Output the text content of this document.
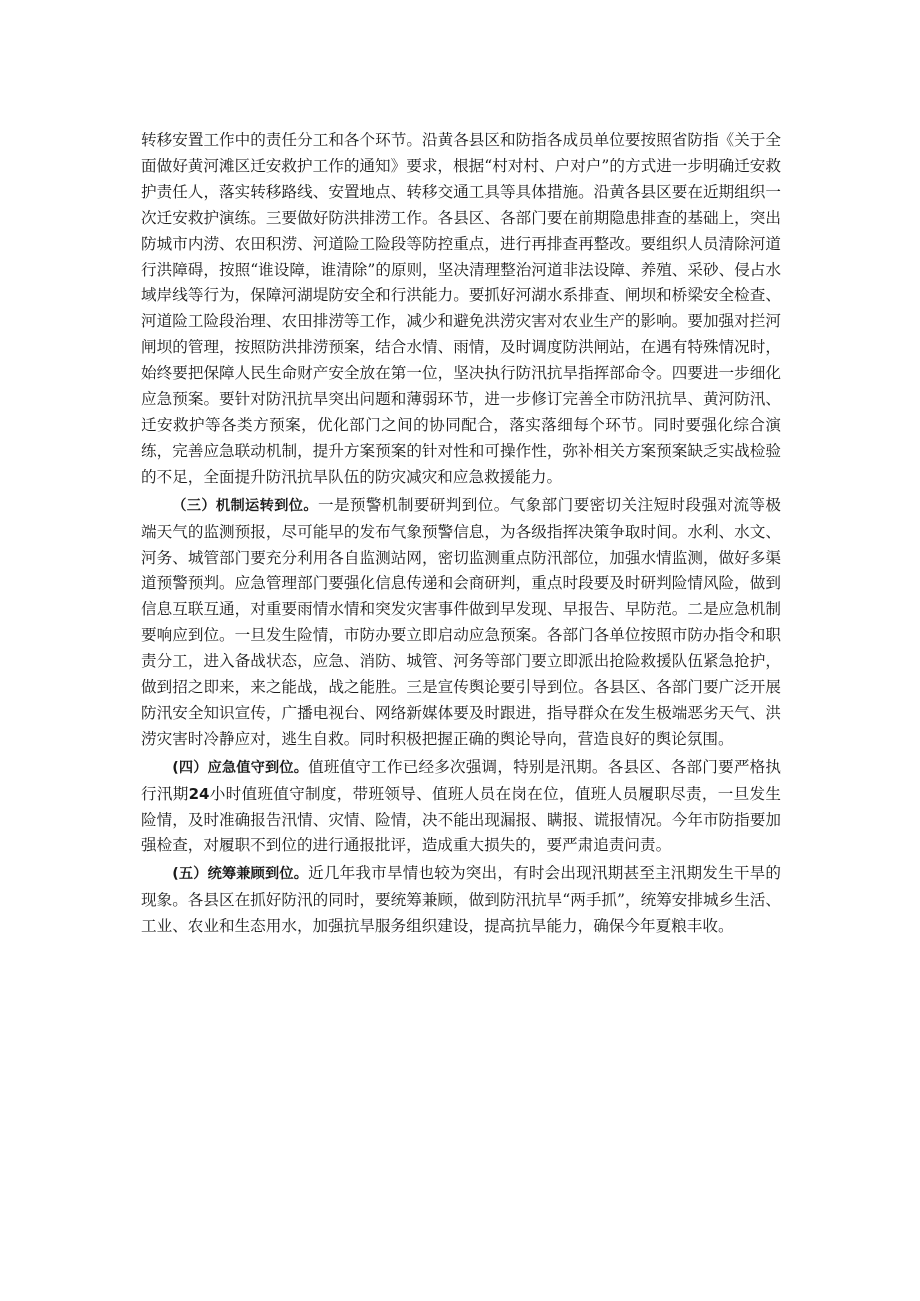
转移安置工作中的责任分工和各个环节。沿黄各县区和防指各成员单位要按照省防指《关于全面做好黄河滩区迁安救护工作的通知》要求，根据“村对村、户对户”的方式进一步明确迁安救护责任人，落实转移路线、安置地点、转移交通工具等具体措施。沿黄各县区要在近期组织一次迁安救护演练。三要做好防洪排涝工作。各县区、各部门要在前期隐患排查的基础上，突出防城市内涝、农田积涝、河道险工险段等防控重点，进行再排查再整改。要组织人员清除河道行洪障碍，按照“谁设障，谁清除”的原则，坚决清理整治河道非法设障、养殖、采砂、侵占水域岸线等行为，保障河湖堤防安全和行洪能力。要抓好河湖水系排查、闸坝和桥梁安全检查、河道险工险段治理、农田排涝等工作，减少和避免洪涝灾害对农业生产的影响。要加强对拦河闸坝的管理，按照防洪排涝预案，结合水情、雨情，及时调度防洪闸站，在遇有特殊情况时，始终要把保障人民生命财产安全放在第一位，坚决执行防汛抗旱指挥部命令。四要进一步细化应急预案。要针对防汛抗旱突出问题和薄弱环节，进一步修订完善全市防汛抗旱、黄河防汛、迁安救护等各类方预案，优化部门之间的协同配合，落实落细每个环节。同时要强化综合演练，完善应急联动机制，提升方案预案的针对性和可操作性，弥补相关方案预案缺乏实战检验的不足，全面提升防汛抗旱队伍的防灾减灾和应急救援能力。

（三）机制运转到位。一是预警机制要研判到位。气象部门要密切关注短时段强对流等极端天气的监测预报，尽可能早的发布气象预警信息，为各级指挥决策争取时间。水利、水文、河务、城管部门要充分利用各自监测站网，密切监测重点防汛部位，加强水情监测，做好多渠道预警预判。应急管理部门要强化信息传递和会商研判，重点时段要及时研判险情风险，做到信息互联互通，对重要雨情水情和突发灾害事件做到早发现、早报告、早防范。二是应急机制要响应到位。一旦发生险情，市防办要立即启动应急预案。各部门各单位按照市防办指令和职责分工，进入备战状态，应急、消防、城管、河务等部门要立即派出抢险救援队伍紧急抢护，做到招之即来，来之能战，战之能胜。三是宣传舆论要引导到位。各县区、各部门要广泛开展防汛安全知识宣传，广播电视台、网络新媒体要及时跟进，指导群众在发生极端恶劣天气、洪涝灾害时冷静应对，逃生自救。同时积极把握正确的舆论导向，营造良好的舆论氛围。

(四）应急值守到位。值班值守工作已经多次强调，特别是汛期。各县区、各部门要严格执行汛期24小时值班值守制度，带班领导、值班人员在岗在位，值班人员履职尽责，一旦发生险情，及时准确报告汛情、灾情、险情，决不能出现漏报、瞒报、谎报情况。今年市防指要加强检查，对履职不到位的进行通报批评，造成重大损失的，要严肃追责问责。

(五）统筹兼顾到位。近几年我市旱情也较为突出，有时会出现汛期甚至主汛期发生干旱的现象。各县区在抓好防汛的同时，要统筹兼顾，做到防汛抗旱“两手抓”，统筹安排城乡生活、工业、农业和生态用水，加强抗旱服务组织建设，提高抗旱能力，确保今年夏粮丰收。
